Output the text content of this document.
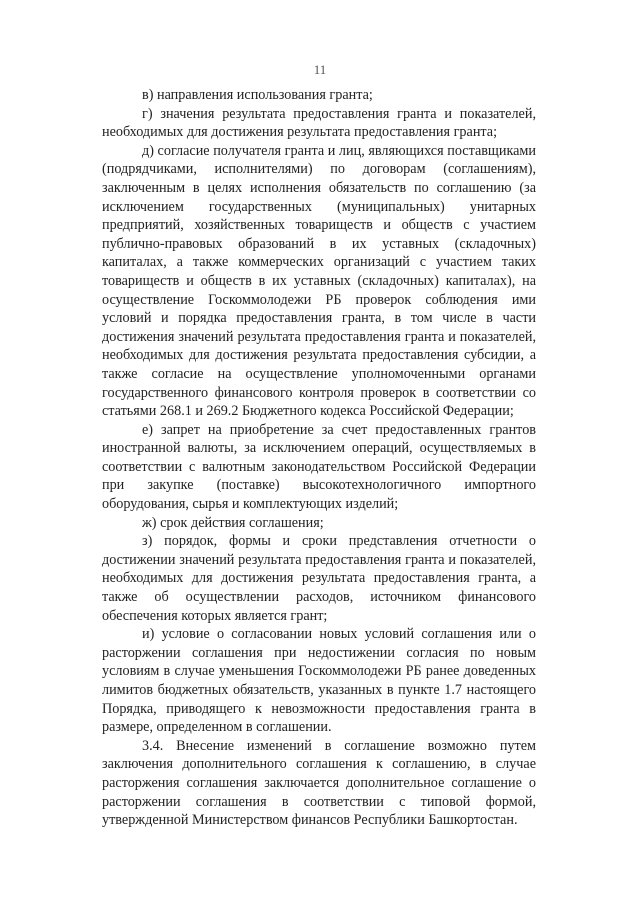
11

в) направления использования гранта;

г) значения результата предоставления гранта и показателей, необходимых для достижения результата предоставления гранта;

д) согласие получателя гранта и лиц, являющихся поставщиками (подрядчиками, исполнителями) по договорам (соглашениям), заключенным в целях исполнения обязательств по соглашению (за исключением государственных (муниципальных) унитарных предприятий, хозяйственных товариществ и обществ с участием публично-правовых образований в их уставных (складочных) капиталах, а также коммерческих организаций с участием таких товариществ и обществ в их уставных (складочных) капиталах), на осуществление Госкоммолодежи РБ проверок соблюдения ими условий и порядка предоставления гранта, в том числе в части достижения значений результата предоставления гранта и показателей, необходимых для достижения результата предоставления субсидии, а также согласие на осуществление уполномоченными органами государственного финансового контроля проверок в соответствии со статьями 268.1 и 269.2 Бюджетного кодекса Российской Федерации;

е) запрет на приобретение за счет предоставленных грантов иностранной валюты, за исключением операций, осуществляемых в соответствии с валютным законодательством Российской Федерации при закупке (поставке) высокотехнологичного импортного оборудования, сырья и комплектующих изделий;

ж) срок действия соглашения;

з) порядок, формы и сроки представления отчетности о достижении значений результата предоставления гранта и показателей, необходимых для достижения результата предоставления гранта, а также об осуществлении расходов, источником финансового обеспечения которых является грант;

и) условие о согласовании новых условий соглашения или о расторжении соглашения при недостижении согласия по новым условиям в случае уменьшения Госкоммолодежи РБ ранее доведенных лимитов бюджетных обязательств, указанных в пункте 1.7 настоящего Порядка, приводящего к невозможности предоставления гранта в размере, определенном в соглашении.

3.4. Внесение изменений в соглашение возможно путем заключения дополнительного соглашения к соглашению, в случае расторжения соглашения заключается дополнительное соглашение о расторжении соглашения в соответствии с типовой формой, утвержденной Министерством финансов Республики Башкортостан.
